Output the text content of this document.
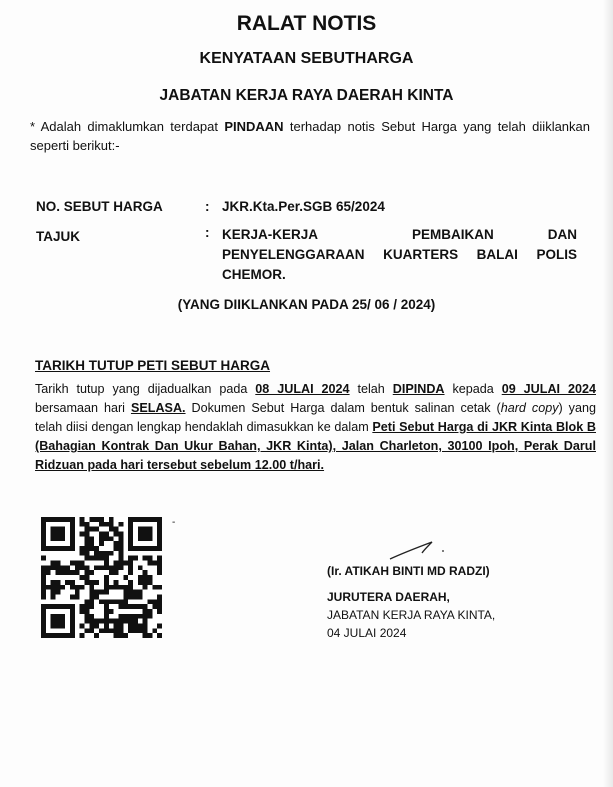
RALAT NOTIS
KENYATAAN SEBUTHARGA
JABATAN KERJA RAYA DAERAH KINTA
* Adalah dimaklumkan terdapat PINDAAN terhadap notis Sebut Harga yang telah diiklankan seperti berikut:-
NO. SEBUT HARGA	: JKR.Kta.Per.SGB 65/2024
TAJUK	: KERJA-KERJA	PEMBAIKAN	DAN
PENYELENGGARAAN KUARTERS BALAI POLIS
CHEMOR.
(YANG DIIKLANKAN PADA 25/ 06 / 2024)
TARIKH TUTUP PETI SEBUT HARGA
Tarikh tutup yang dijadualkan pada 08 JULAI 2024 telah DIPINDA kepada 09 JULAI 2024 bersamaan hari SELASA. Dokumen Sebut Harga dalam bentuk salinan cetak (hard copy) yang telah diisi dengan lengkap hendaklah dimasukkan ke dalam Peti Sebut Harga di JKR Kinta Blok B (Bahagian Kontrak Dan Ukur Bahan, JKR Kinta), Jalan Charleton, 30100 Ipoh, Perak Darul Ridzuan pada hari tersebut sebelum 12.00 t/hari.
-
(Ir. ATIKAH BINTI MD RADZI)
JURUTERA DAERAH,
JABATAN KERJA RAYA KINTA,
04 JULAI 2024
